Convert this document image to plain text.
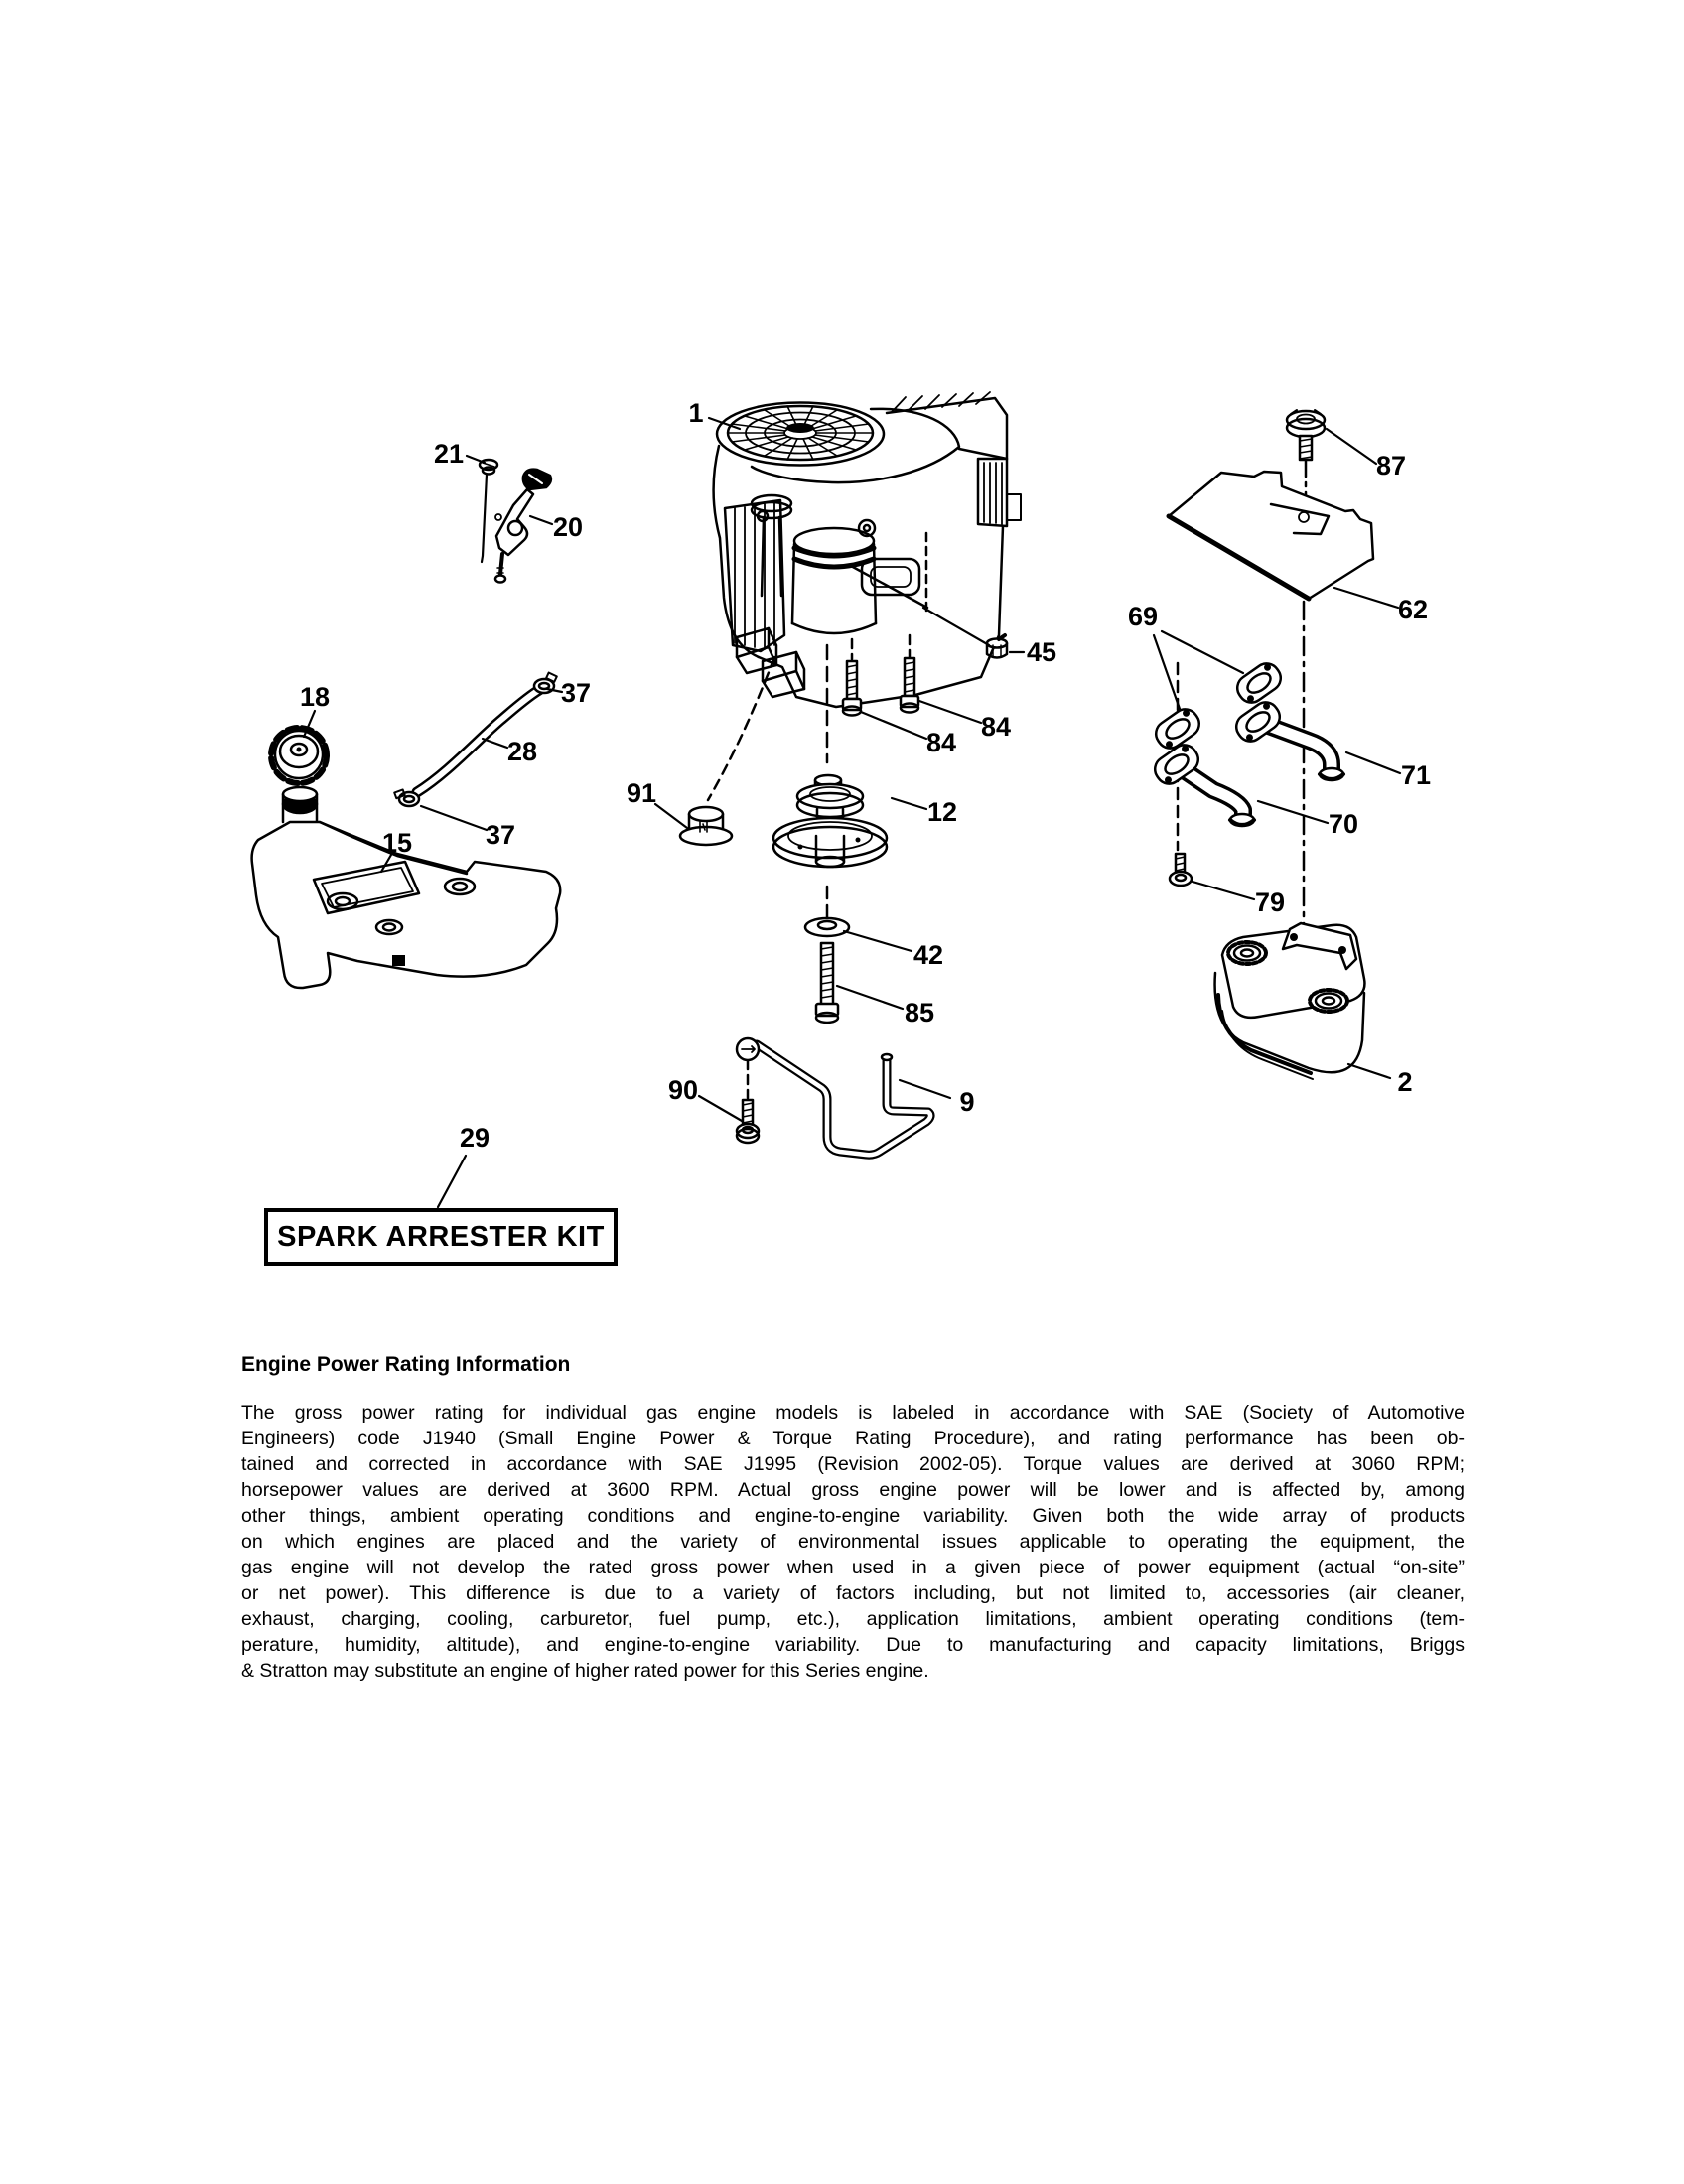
1
21
20
18	37
28
37
15
91
12
84
84
45
87
62
69
71
70
79
2
42
85
90	9
29
SPARK ARRESTER KIT
Engine Power Rating Information
The gross power rating for individual gas engine models is labeled in accordance with SAE (Society of Automotive
Engineers) code J1940 (Small Engine Power & Torque Rating Procedure), and rating performance has been ob-
tained and corrected in accordance with SAE J1995 (Revision 2002-05). Torque values are derived at 3060 RPM;
horsepower values are derived at 3600 RPM. Actual gross engine power will be lower and is affected by, among
other things, ambient operating conditions and engine-to-engine variability. Given both the wide array of products
on which engines are placed and the variety of environmental issues applicable to operating the equipment, the
gas engine will not develop the rated gross power when used in a given piece of power equipment (actual “on-site”
or net power). This difference is due to a variety of factors including, but not limited to, accessories (air cleaner,
exhaust, charging, cooling, carburetor, fuel pump, etc.), application limitations, ambient operating conditions (tem-
perature, humidity, altitude), and engine-to-engine variability. Due to manufacturing and capacity limitations, Briggs
& Stratton may substitute an engine of higher rated power for this Series engine.
